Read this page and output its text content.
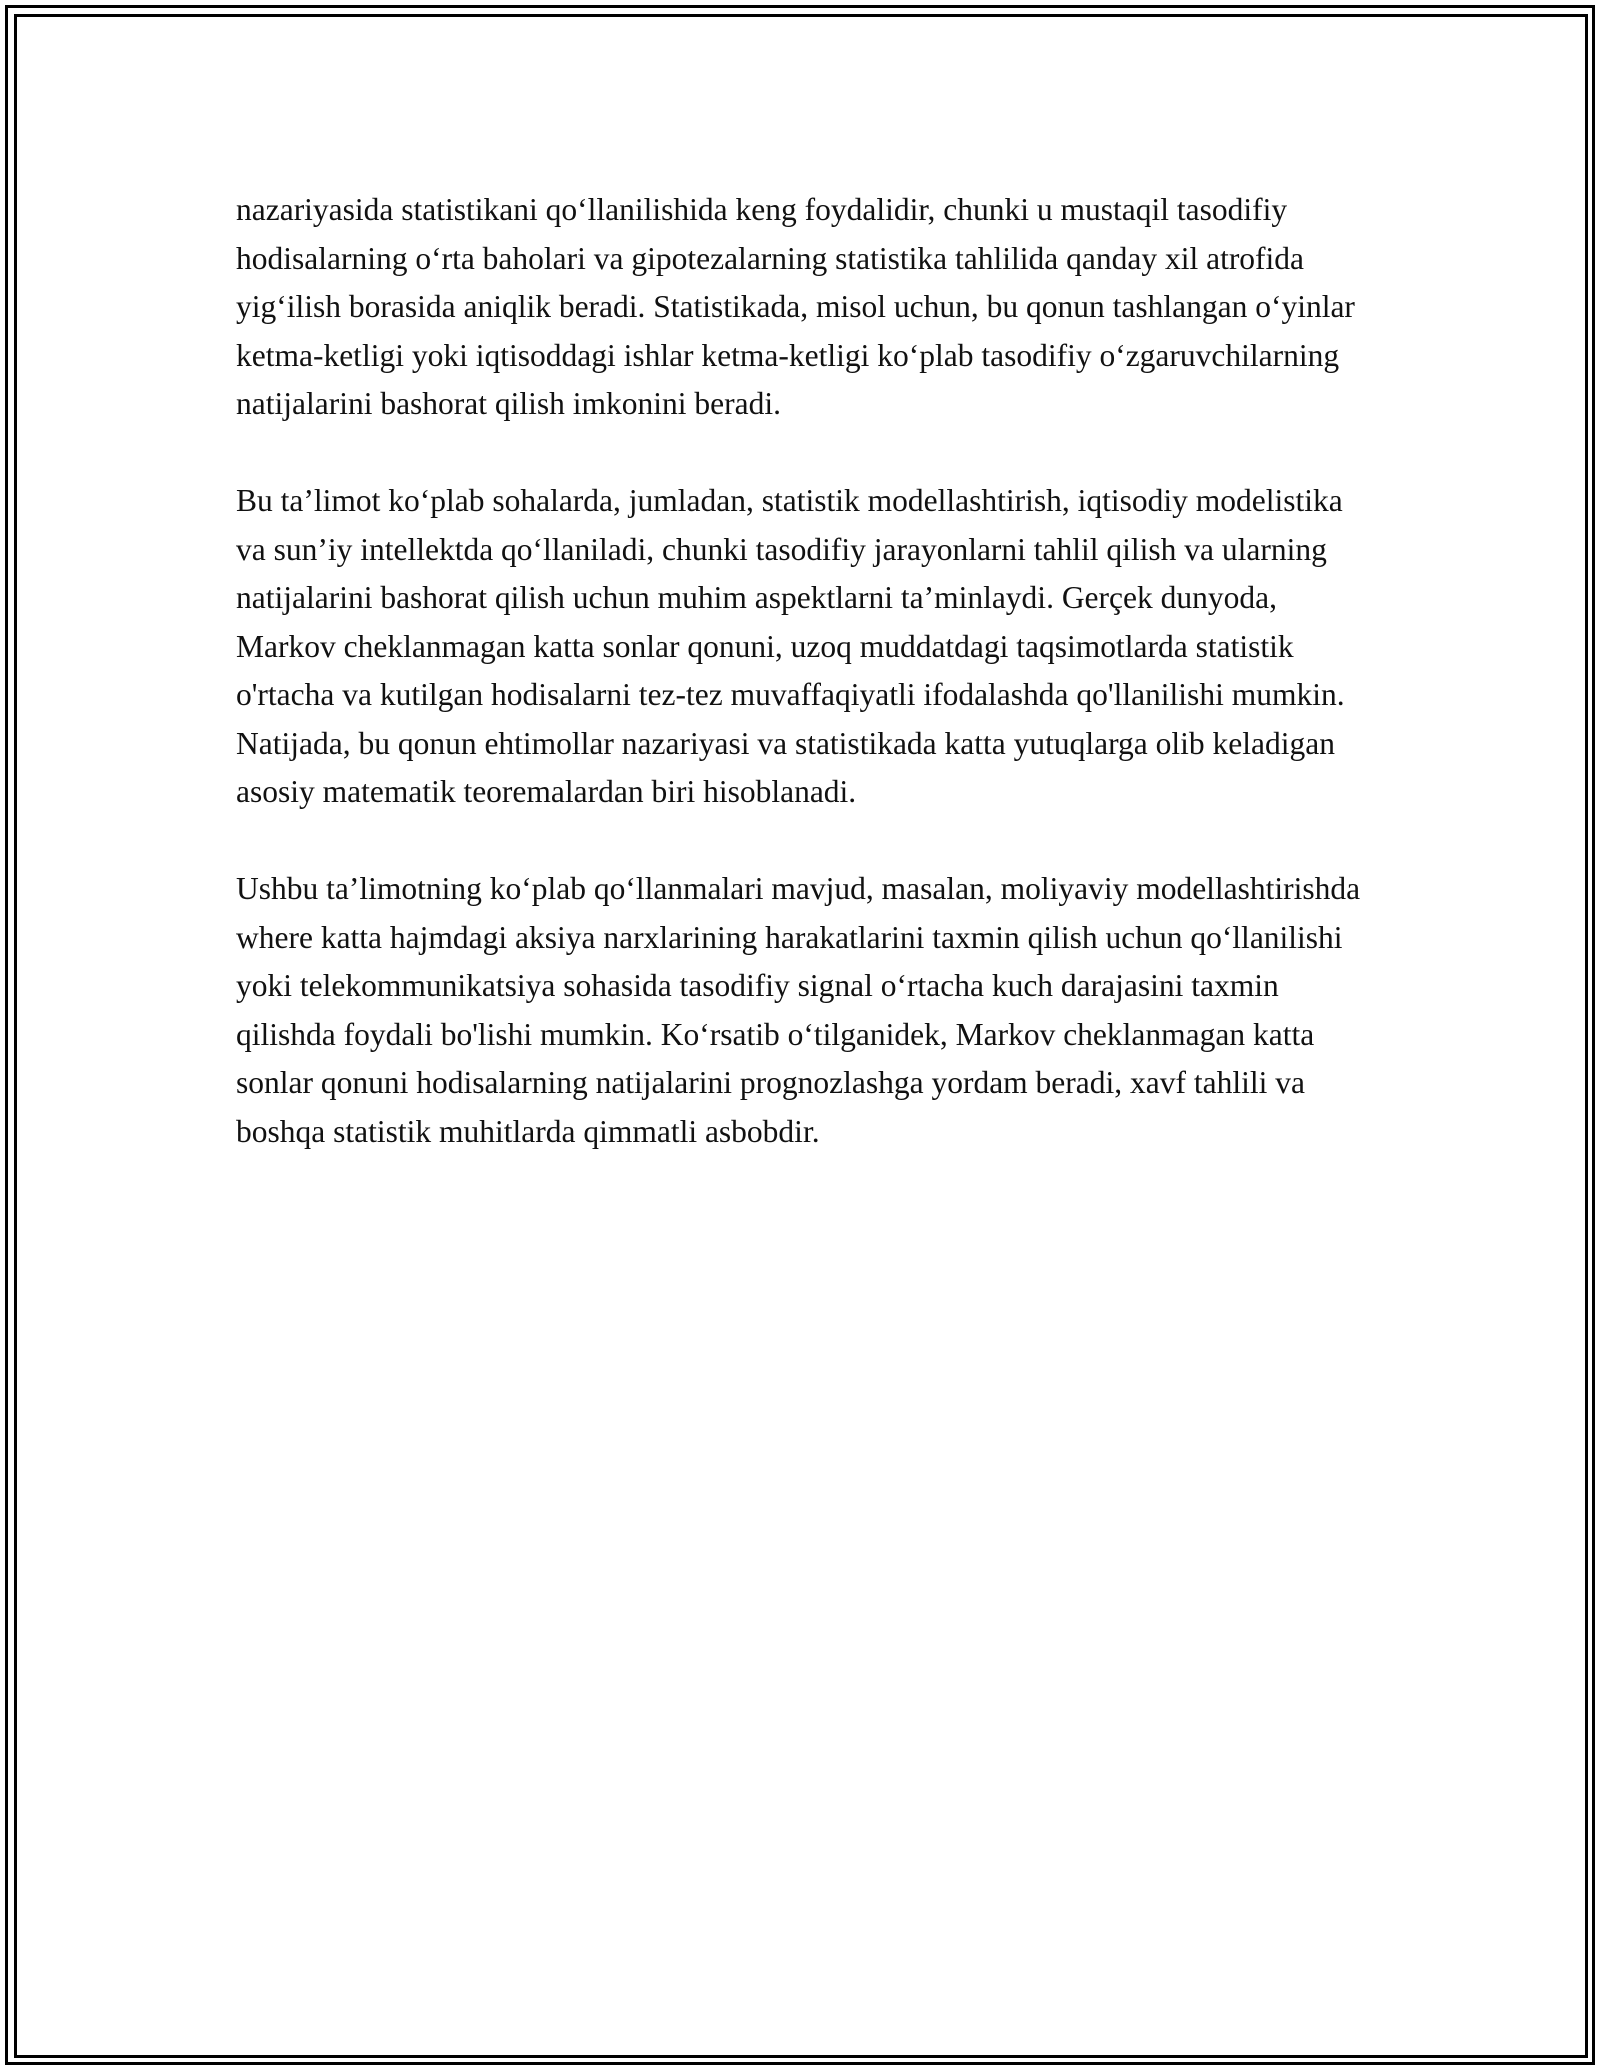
nazariyasida statistikani qo‘llanilishida keng foydalidir, chunki u mustaqil tasodifiy hodisalarning o‘rta baholari va gipotezalarning statistika tahlilida qanday xil atrofida yig‘ilish borasida aniqlik beradi. Statistikada, misol uchun, bu qonun tashlangan o‘yinlar ketma-ketligi yoki iqtisoddagi ishlar ketma-ketligi ko‘plab tasodifiy o‘zgaruvchilarning natijalarini bashorat qilish imkonini beradi.

Bu ta’limot ko‘plab sohalarda, jumladan, statistik modellashtirish, iqtisodiy modelistika va sun’iy intellektda qo‘llaniladi, chunki tasodifiy jarayonlarni tahlil qilish va ularning natijalarini bashorat qilish uchun muhim aspektlarni ta’minlaydi. Gerçek dunyoda, Markov cheklanmagan katta sonlar qonuni, uzoq muddatdagi taqsimotlarda statistik o'rtacha va kutilgan hodisalarni tez-tez muvaffaqiyatli ifodalashda qo'llanilishi mumkin. Natijada, bu qonun ehtimollar nazariyasi va statistikada katta yutuqlarga olib keladigan asosiy matematik teoremalardan biri hisoblanadi.

Ushbu ta’limotning ko‘plab qo‘llanmalari mavjud, masalan, moliyaviy modellashtirishda where katta hajmdagi aksiya narxlarining harakatlarini taxmin qilish uchun qo‘llanilishi yoki telekommunikatsiya sohasida tasodifiy signal o‘rtacha kuch darajasini taxmin qilishda foydali bo'lishi mumkin. Ko‘rsatib o‘tilganidek, Markov cheklanmagan katta sonlar qonuni hodisalarning natijalarini prognozlashga yordam beradi, xavf tahlili va boshqa statistik muhitlarda qimmatli asbobdir.
